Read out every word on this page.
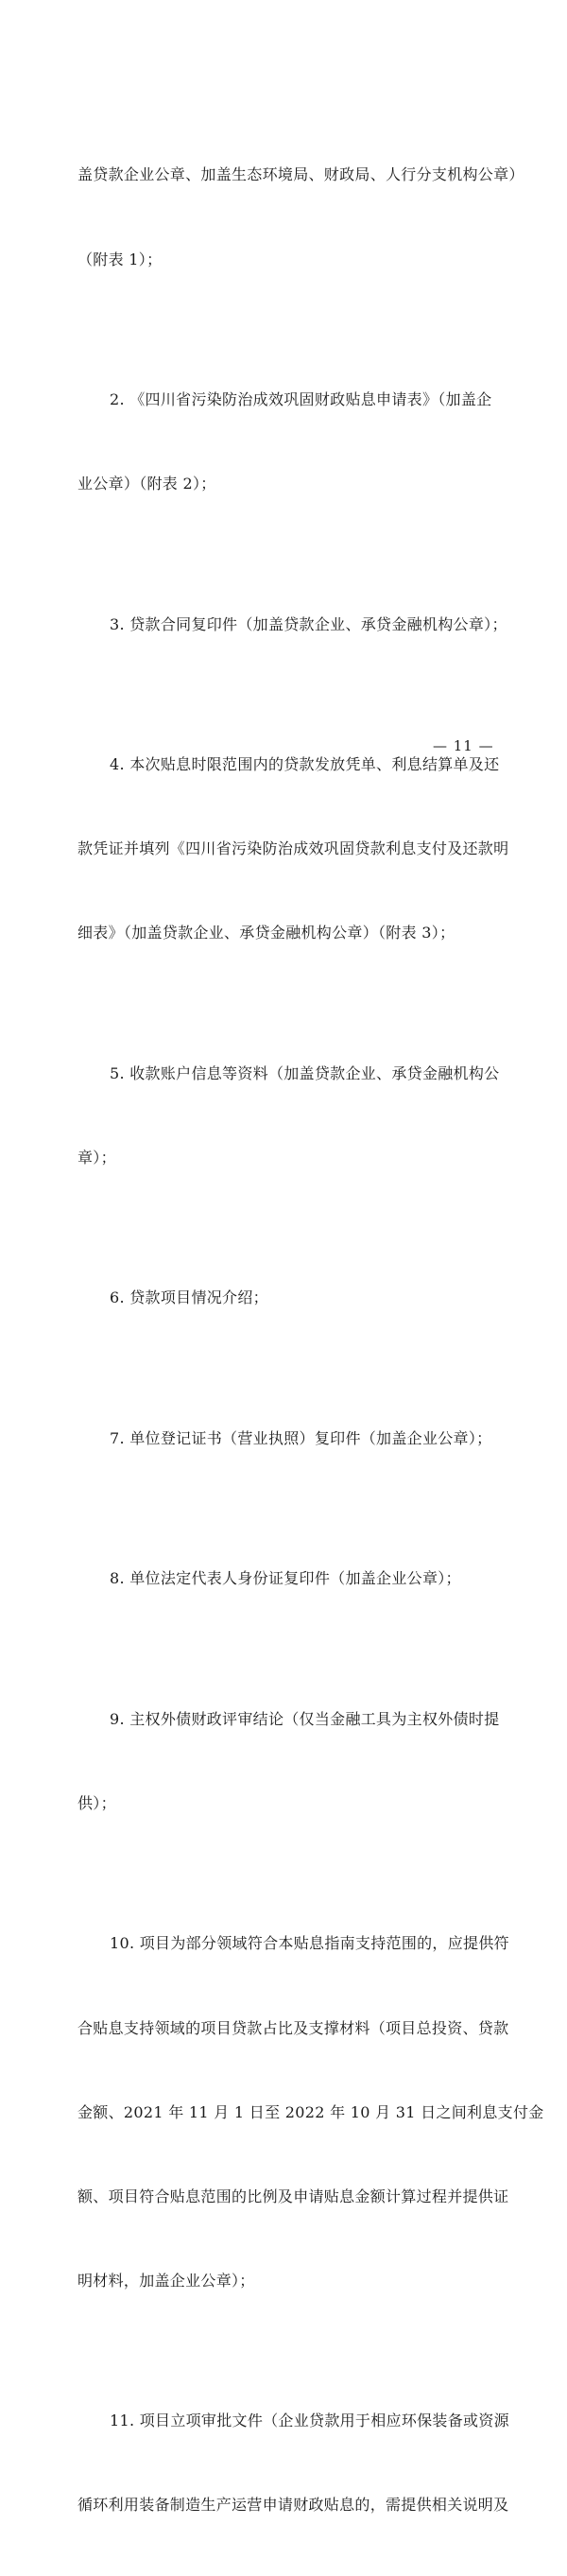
盖贷款企业公章、加盖生态环境局、财政局、人行分支机构公章）

（附表 1）；

2. 《四川省污染防治成效巩固财政贴息申请表》（加盖企

业公章）（附表 2）；

3. 贷款合同复印件（加盖贷款企业、承贷金融机构公章）；

4. 本次贴息时限范围内的贷款发放凭单、利息结算单及还

款凭证并填列《四川省污染防治成效巩固贷款利息支付及还款明

细表》（加盖贷款企业、承贷金融机构公章）（附表 3）；

5. 收款账户信息等资料（加盖贷款企业、承贷金融机构公

章）；

6. 贷款项目情况介绍；

7. 单位登记证书（营业执照）复印件（加盖企业公章）；

8. 单位法定代表人身份证复印件（加盖企业公章）；

9. 主权外债财政评审结论（仅当金融工具为主权外债时提

供）；

10. 项目为部分领域符合本贴息指南支持范围的，应提供符

合贴息支持领域的项目贷款占比及支撑材料（项目总投资、贷款

金额、2021 年 11 月 1 日至 2022 年 10 月 31 日之间利息支付金

额、项目符合贴息范围的比例及申请贴息金额计算过程并提供证

明材料，加盖企业公章）；

11. 项目立项审批文件（企业贷款用于相应环保装备或资源

循环利用装备制造生产运营申请财政贴息的，需提供相关说明及

— 11 —
